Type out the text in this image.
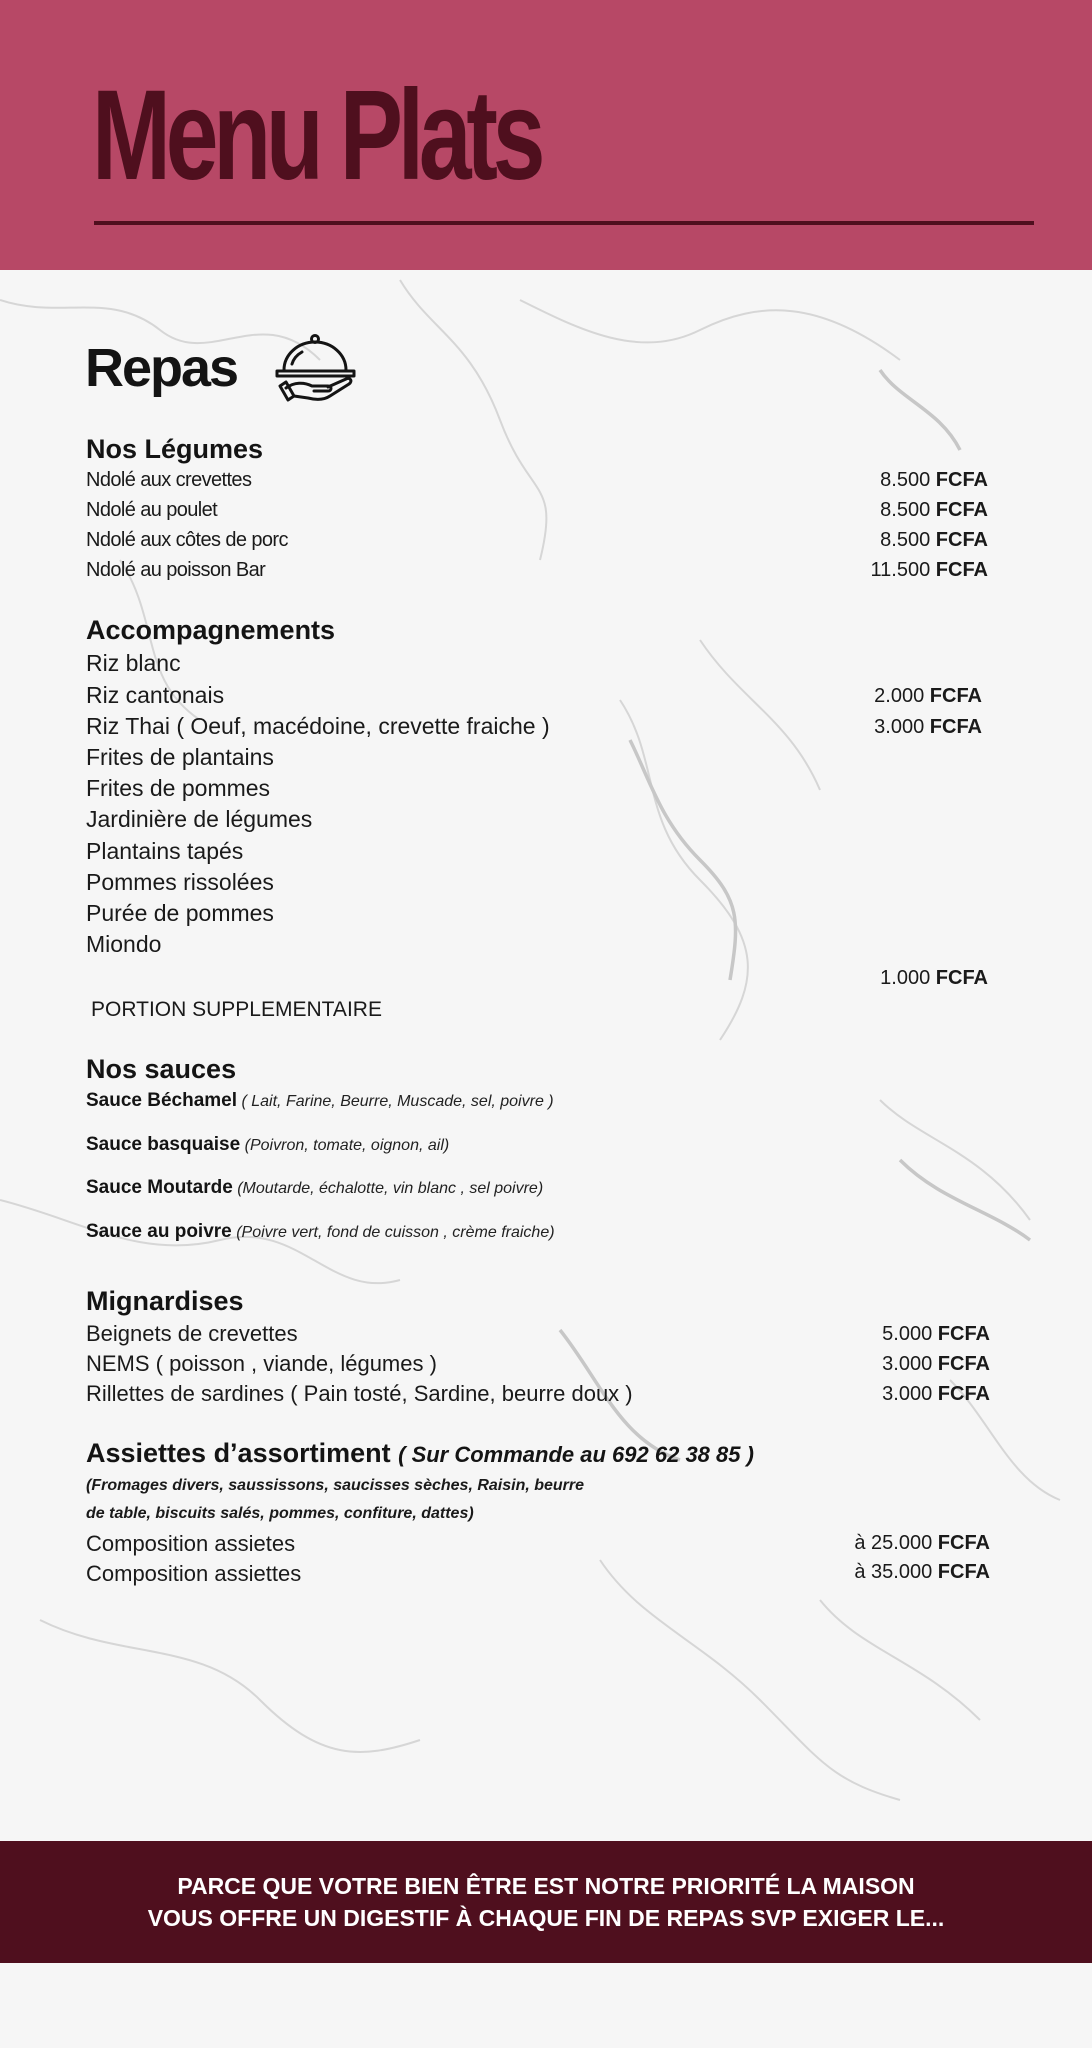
Menu Plats
Repas
Nos Légumes
Ndolé aux crevettes
Ndolé au poulet
Ndolé aux côtes de porc
Ndolé au poisson Bar
8.500 FCFA
8.500 FCFA
8.500 FCFA
11.500 FCFA
Accompagnements
Riz blanc
Riz cantonais
Riz Thai ( Oeuf, macédoine, crevette fraiche )
Frites de plantains
Frites de pommes
Jardinière de légumes
Plantains tapés
Pommes rissolées
Purée de pommes
Miondo
2.000 FCFA
3.000 FCFA
1.000 FCFA
PORTION SUPPLEMENTAIRE
Nos sauces
Sauce Béchamel ( Lait, Farine, Beurre, Muscade, sel, poivre )
Sauce basquaise (Poivron, tomate, oignon, ail)
Sauce Moutarde (Moutarde, échalotte, vin blanc , sel poivre)
Sauce au poivre (Poivre vert, fond de cuisson , crème fraiche)
Mignardises
Beignets de crevettes
NEMS ( poisson , viande, légumes )
Rillettes de sardines ( Pain tosté, Sardine, beurre doux )
5.000 FCFA
3.000 FCFA
3.000 FCFA
Assiettes d’assortiment ( Sur Commande au 692 62 38 85 )
(Fromages divers, saussissons, saucisses sèches, Raisin, beurre
de table, biscuits salés, pommes, confiture, dattes)
Composition assietes
Composition assiettes
à 25.000 FCFA
à 35.000 FCFA
PARCE QUE VOTRE BIEN ÊTRE EST NOTRE PRIORITÉ LA MAISON
VOUS OFFRE UN DIGESTIF À CHAQUE FIN DE REPAS SVP EXIGER LE...
